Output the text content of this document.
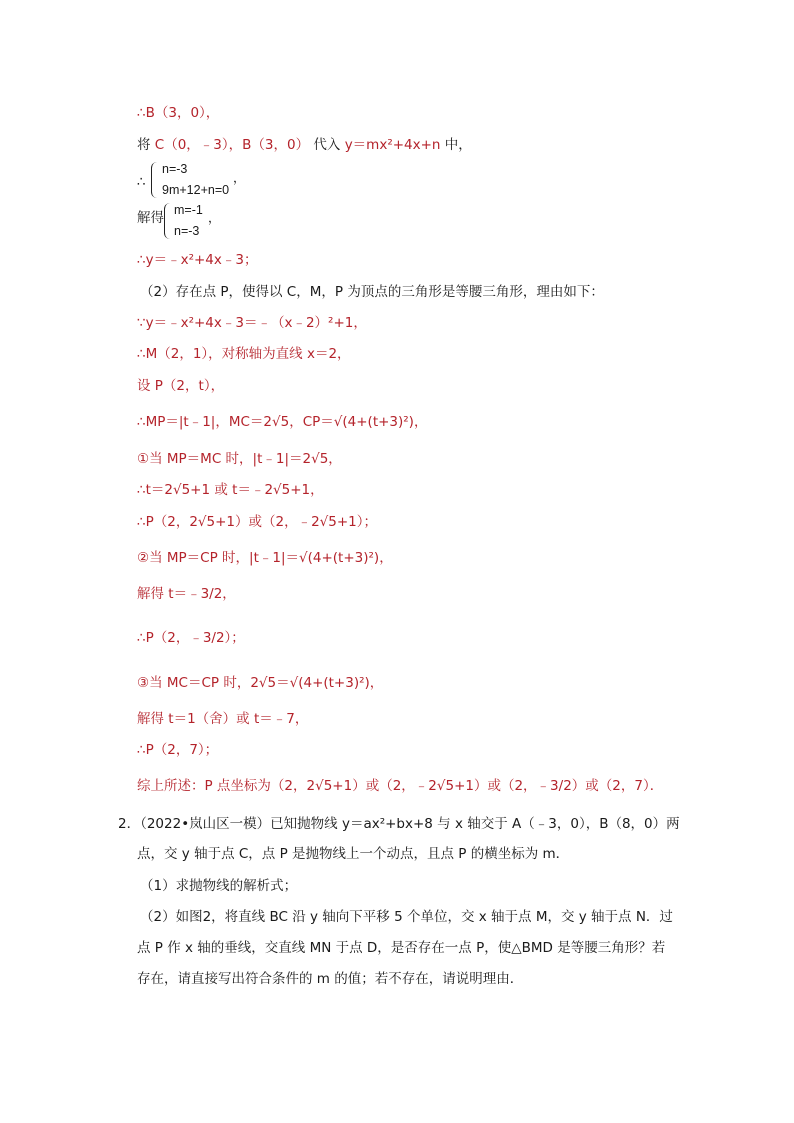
∴B（3，0），
将 C（0，﹣3），B（3，0） 代入 y＝mx²+4x+n 中，
∴
n=-3
9m+12+n=0
，
解得 m=-1
n=-3
，
∴y＝﹣x²+4x﹣3；
（2）存在点 P，使得以 C，M，P 为顶点的三角形是等腰三角形，理由如下：
∵y＝﹣x²+4x﹣3＝﹣（x﹣2）²+1，
∴M（2，1），对称轴为直线 x＝2，
设 P（2，t），
∴MP＝|t﹣1|，MC＝2√5，CP＝√(4+(t+3)²)，
①当 MP＝MC 时，|t﹣1|＝2√5，
∴t＝2√5+1 或 t＝﹣2√5+1，
∴P（2，2√5+1）或（2，﹣2√5+1）；
②当 MP＝CP 时，|t﹣1|＝√(4+(t+3)²)，
解得 t＝﹣3/2，
∴P（2，﹣3/2）；
③当 MC＝CP 时，2√5＝√(4+(t+3)²)，
解得 t＝1（舍）或 t＝﹣7，
∴P（2，7）；
综上所述：P 点坐标为（2，2√5+1）或（2，﹣2√5+1）或（2，﹣3/2）或（2，7）．
2．（2022•岚山区一模）已知抛物线 y＝ax²+bx+8 与 x 轴交于 A（﹣3，0），B（8，0）两
点，交 y 轴于点 C，点 P 是抛物线上一个动点，且点 P 的横坐标为 m．
（1）求抛物线的解析式；
（2）如图2，将直线 BC 沿 y 轴向下平移 5 个单位，交 x 轴于点 M，交 y 轴于点 N．过
点 P 作 x 轴的垂线，交直线 MN 于点 D，是否存在一点 P，使△BMD 是等腰三角形？若
存在，请直接写出符合条件的 m 的值；若不存在，请说明理由．
